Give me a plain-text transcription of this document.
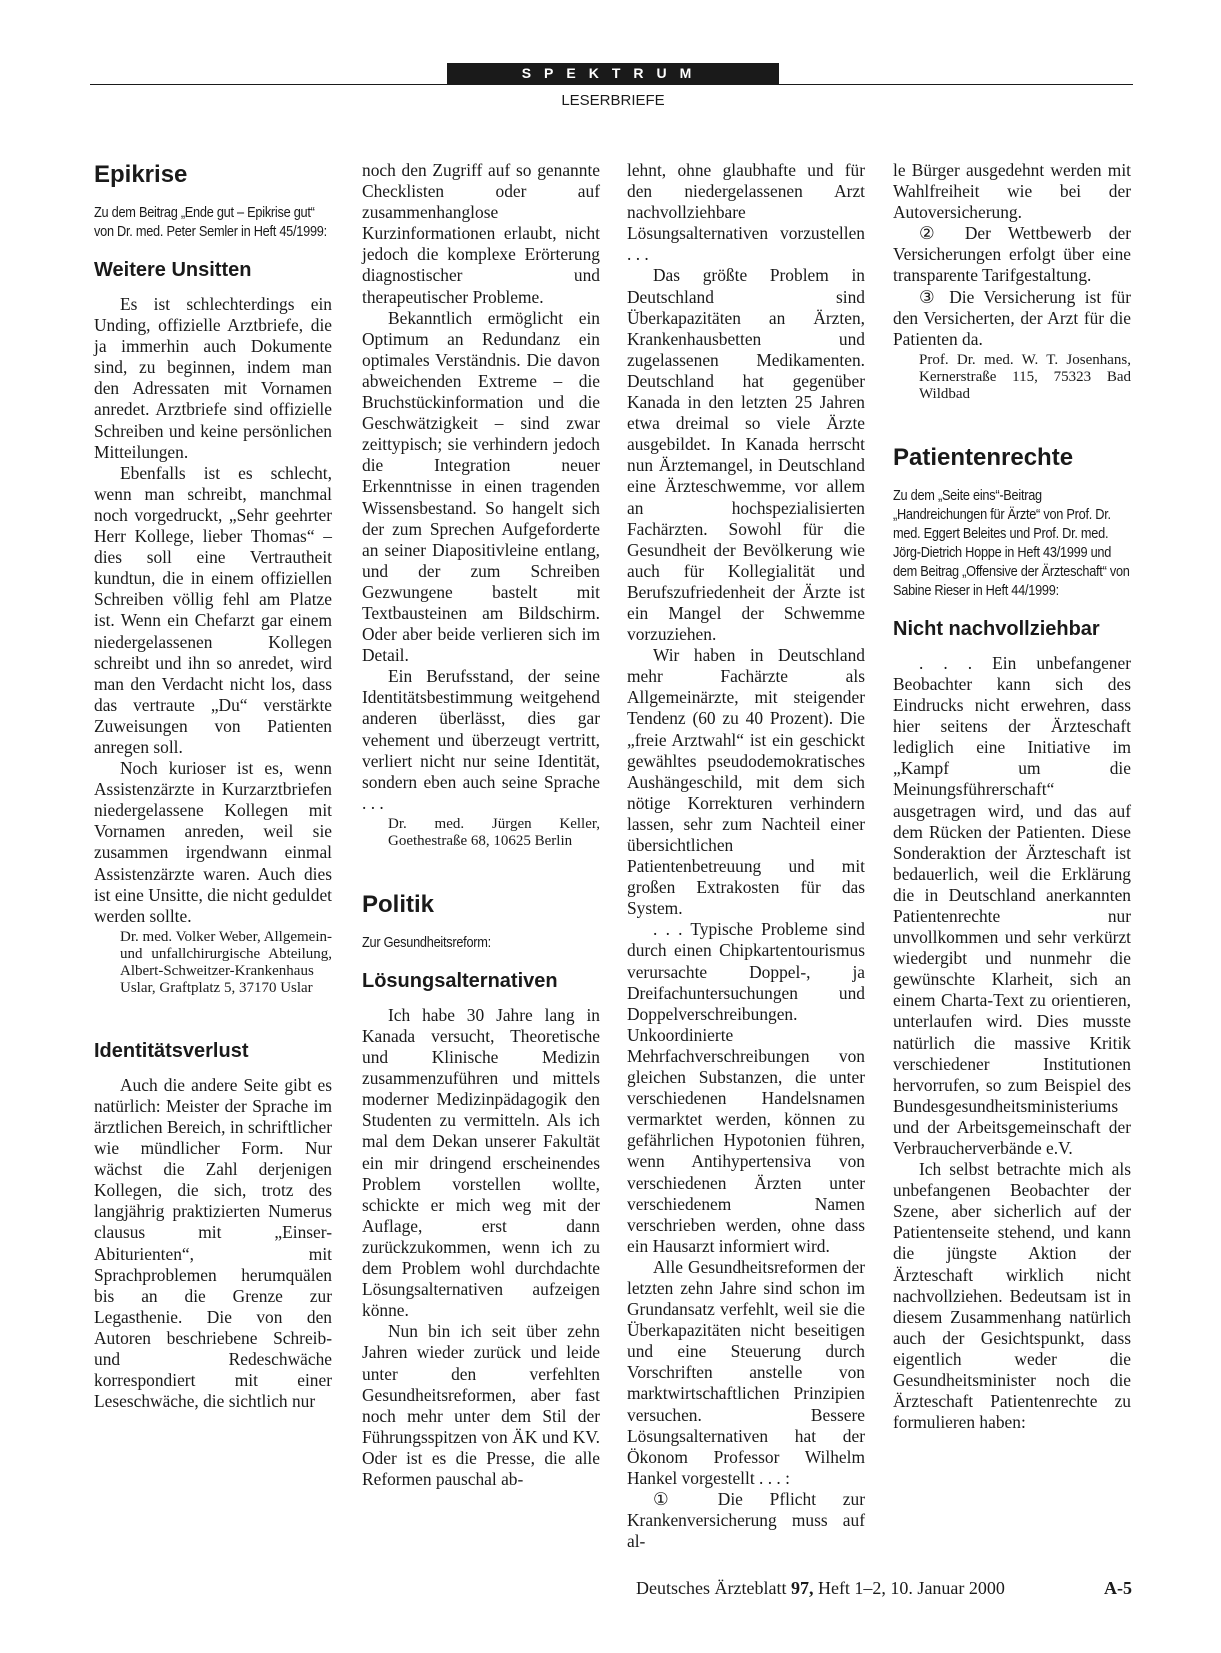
SPEKTRUM
LESERBRIEFE
Epikrise
Zu dem Beitrag „Ende gut – Epikrise gut“ von Dr. med. Peter Semler in Heft 45/1999:
Weitere Unsitten

Es ist schlechterdings ein Unding, offizielle Arztbriefe, die ja immerhin auch Dokumente sind, zu beginnen, indem man den Adressaten mit Vornamen anredet. Arztbriefe sind offizielle Schreiben und keine persönlichen Mitteilungen.

Ebenfalls ist es schlecht, wenn man schreibt, manchmal noch vorgedruckt, „Sehr geehrter Herr Kollege, lieber Thomas“ – dies soll eine Vertrautheit kundtun, die in einem offiziellen Schreiben völlig fehl am Platze ist. Wenn ein Chefarzt gar einem niedergelassenen Kollegen schreibt und ihn so anredet, wird man den Verdacht nicht los, dass das vertraute „Du“ verstärkte Zuweisungen von Patienten anregen soll.

Noch kurioser ist es, wenn Assistenzärzte in Kurzarztbriefen niedergelassene Kollegen mit Vornamen anreden, weil sie zusammen irgendwann einmal Assistenzärzte waren. Auch dies ist eine Unsitte, die nicht geduldet werden sollte.

Dr. med. Volker Weber, Allgemein- und unfallchirurgische Abteilung, Albert-Schweitzer-Krankenhaus Uslar, Graftplatz 5, 37170 Uslar
Identitätsverlust

Auch die andere Seite gibt es natürlich: Meister der Sprache im ärztlichen Bereich, in schriftlicher wie mündlicher Form. Nur wächst die Zahl derjenigen Kollegen, die sich, trotz des langjährig praktizierten Numerus clausus mit „Einser-Abiturienten“, mit Sprachproblemen herumquälen bis an die Grenze zur Legasthenie. Die von den Autoren beschriebene Schreib- und Redeschwäche korrespondiert mit einer Leseschwäche, die sichtlich nur

noch den Zugriff auf so genannte Checklisten oder auf zusammenhanglose Kurzinformationen erlaubt, nicht jedoch die komplexe Erörterung diagnostischer und therapeutischer Probleme.

Bekanntlich ermöglicht ein Optimum an Redundanz ein optimales Verständnis. Die davon abweichenden Extreme – die Bruchstückinformation und die Geschwätzigkeit – sind zwar zeittypisch; sie verhindern jedoch die Integration neuer Erkenntnisse in einen tragenden Wissensbestand. So hangelt sich der zum Sprechen Aufgeforderte an seiner Diapositivleine entlang, und der zum Schreiben Gezwungene bastelt mit Textbausteinen am Bildschirm. Oder aber beide verlieren sich im Detail.

Ein Berufsstand, der seine Identitätsbestimmung weitgehend anderen überlässt, dies gar vehement und überzeugt vertritt, verliert nicht nur seine Identität, sondern eben auch seine Sprache . . .

Dr. med. Jürgen Keller, Goethestraße 68, 10625 Berlin
Politik
Zur Gesundheitsreform:
Lösungsalternativen

Ich habe 30 Jahre lang in Kanada versucht, Theoretische und Klinische Medizin zusammenzuführen und mittels moderner Medizinpädagogik den Studenten zu vermitteln. Als ich mal dem Dekan unserer Fakultät ein mir dringend erscheinendes Problem vorstellen wollte, schickte er mich weg mit der Auflage, erst dann zurückzukommen, wenn ich zu dem Problem wohl durchdachte Lösungsalternativen aufzeigen könne.

Nun bin ich seit über zehn Jahren wieder zurück und leide unter den verfehlten Gesundheitsreformen, aber fast noch mehr unter dem Stil der Führungsspitzen von ÄK und KV. Oder ist es die Presse, die alle Reformen pauschal ab-

lehnt, ohne glaubhafte und für den niedergelassenen Arzt nachvollziehbare Lösungsalternativen vorzustellen . . .

Das größte Problem in Deutschland sind Überkapazitäten an Ärzten, Krankenhausbetten und zugelassenen Medikamenten. Deutschland hat gegenüber Kanada in den letzten 25 Jahren etwa dreimal so viele Ärzte ausgebildet. In Kanada herrscht nun Ärztemangel, in Deutschland eine Ärzteschwemme, vor allem an hochspezialisierten Fachärzten. Sowohl für die Gesundheit der Bevölkerung wie auch für Kollegialität und Berufszufriedenheit der Ärzte ist ein Mangel der Schwemme vorzuziehen.

Wir haben in Deutschland mehr Fachärzte als Allgemeinärzte, mit steigender Tendenz (60 zu 40 Prozent). Die „freie Arztwahl“ ist ein geschickt gewähltes pseudodemokratisches Aushängeschild, mit dem sich nötige Korrekturen verhindern lassen, sehr zum Nachteil einer übersichtlichen Patientenbetreuung und mit großen Extrakosten für das System.

. . . Typische Probleme sind durch einen Chipkartentourismus verursachte Doppel-, ja Dreifachuntersuchungen und Doppelverschreibungen. Unkoordinierte Mehrfachverschreibungen von gleichen Substanzen, die unter verschiedenen Handelsnamen vermarktet werden, können zu gefährlichen Hypotonien führen, wenn Antihypertensiva von verschiedenen Ärzten unter verschiedenem Namen verschrieben werden, ohne dass ein Hausarzt informiert wird.

Alle Gesundheitsreformen der letzten zehn Jahre sind schon im Grundansatz verfehlt, weil sie die Überkapazitäten nicht beseitigen und eine Steuerung durch Vorschriften anstelle von marktwirtschaftlichen Prinzipien versuchen. Bessere Lösungsalternativen hat der Ökonom Professor Wilhelm Hankel vorgestellt . . . :

① Die Pflicht zur Krankenversicherung muss auf al-

le Bürger ausgedehnt werden mit Wahlfreiheit wie bei der Autoversicherung.

② Der Wettbewerb der Versicherungen erfolgt über eine transparente Tarifgestaltung.

③ Die Versicherung ist für den Versicherten, der Arzt für die Patienten da.

Prof. Dr. med. W. T. Josenhans, Kernerstraße 115, 75323 Bad Wildbad
Patientenrechte
Zu dem „Seite eins“-Beitrag „Handreichungen für Ärzte“ von Prof. Dr. med. Eggert Beleites und Prof. Dr. med. Jörg-Dietrich Hoppe in Heft 43/1999 und dem Beitrag „Offensive der Ärzteschaft“ von Sabine Rieser in Heft 44/1999:
Nicht nachvollziehbar

. . . Ein unbefangener Beobachter kann sich des Eindrucks nicht erwehren, dass hier seitens der Ärzteschaft lediglich eine Initiative im „Kampf um die Meinungsführerschaft“ ausgetragen wird, und das auf dem Rücken der Patienten. Diese Sonderaktion der Ärzteschaft ist bedauerlich, weil die Erklärung die in Deutschland anerkannten Patientenrechte nur unvollkommen und sehr verkürzt wiedergibt und nunmehr die gewünschte Klarheit, sich an einem Charta-Text zu orientieren, unterlaufen wird. Dies musste natürlich die massive Kritik verschiedener Institutionen hervorrufen, so zum Beispiel des Bundesgesundheitsministeriums und der Arbeitsgemeinschaft der Verbraucherverbände e.V.

Ich selbst betrachte mich als unbefangenen Beobachter der Szene, aber sicherlich auf der Patientenseite stehend, und kann die jüngste Aktion der Ärzteschaft wirklich nicht nachvollziehen. Bedeutsam ist in diesem Zusammenhang natürlich auch der Gesichtspunkt, dass eigentlich weder die Gesundheitsminister noch die Ärzteschaft Patientenrechte zu formulieren haben:

Deutsches Ärzteblatt 97, Heft 1–2, 10. Januar 2000	A-5
